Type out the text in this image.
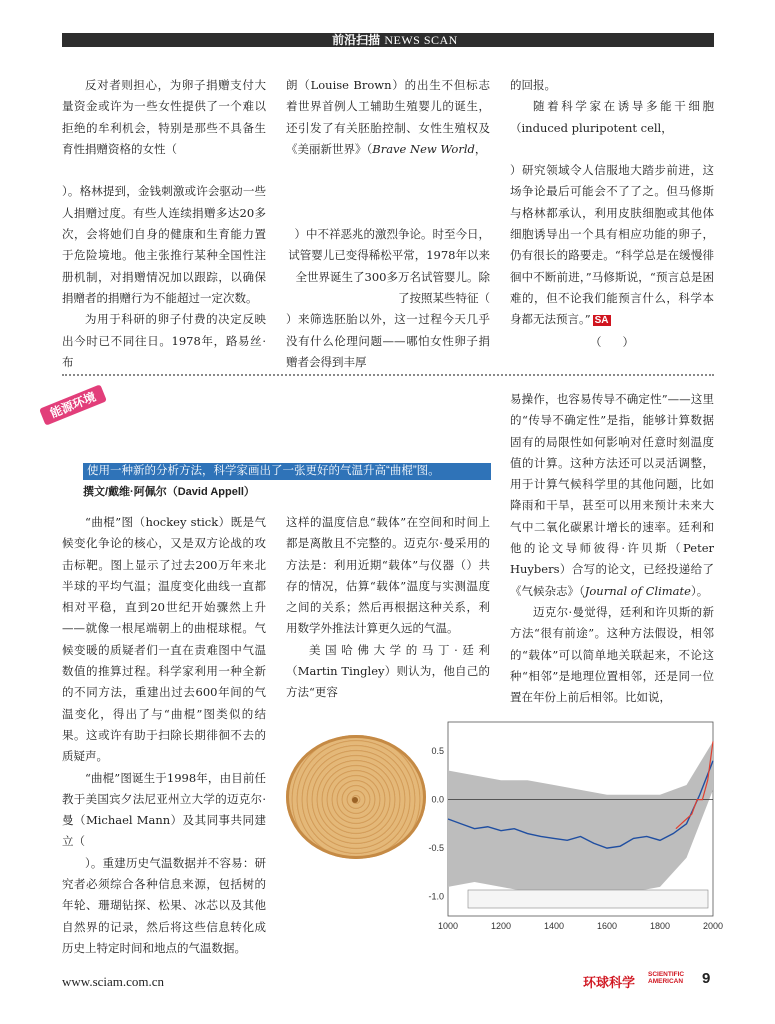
前沿扫描 NEWS SCAN

反对者则担心，为卵子捐赠支付大量资金或许为一些女性提供了一个难以拒绝的牟利机会，特别是那些不具备生育性捐赠资格的女性（

）。格林提到，金钱刺激或许会驱动一些人捐赠过度。有些人连续捐赠多达20多次，会将她们自身的健康和生育能力置于危险境地。他主张推行某种全国性注册机制，对捐赠情况加以跟踪，以确保捐赠者的捐赠行为不能超过一定次数。

为用于科研的卵子付费的决定反映出今时已不同往日。1978年，路易丝·布

朗（Louise Brown）的出生不但标志着世界首例人工辅助生殖婴儿的诞生，还引发了有关胚胎控制、女性生殖权及《美丽新世界》（Brave New World，

）中不祥恶兆的激烈争论。时至今日，试管婴儿已变得稀松平常，1978年以来全世界诞生了300多万名试管婴儿。除了按照某些特征（

）来筛选胚胎以外，这一过程今天几乎没有什么伦理问题——哪怕女性卵子捐赠者会得到丰厚

的回报。

随着科学家在诱导多能干细胞（induced pluripotent cell，

）研究领域令人信服地大踏步前进，这场争论最后可能会不了了之。但马修斯与格林都承认，利用皮肤细胞或其他体细胞诱导出一个具有相应功能的卵子，仍有很长的路要走。“科学总是在缓慢徘徊中不断前进，”马修斯说，“预言总是困难的，但不论我们能预言什么，科学本身都无法预言。” SA

（ ）

能源环境
使用一种新的分析方法，科学家画出了一张更好的气温升高“曲棍”图。
撰文/戴维·阿佩尔（David Appell）

“曲棍”图（hockey stick）既是气候变化争论的核心，又是双方论战的攻击标靶。图上显示了过去200万年来北半球的平均气温；温度变化曲线一直都相对平稳，直到20世纪开始骤然上升——就像一根尾端朝上的曲棍球棍。气候变暖的质疑者们一直在责难图中气温数值的推算过程。科学家利用一种全新的不同方法，重建出过去600年间的气温变化，得出了与“曲棍”图类似的结果。这或许有助于扫除长期徘徊不去的质疑声。

“曲棍”图诞生于1998年，由目前任教于美国宾夕法尼亚州立大学的迈克尔·曼（Michael Mann）及其同事共同建立（

）。重建历史气温数据并不容易：研究者必须综合各种信息来源，包括树的年轮、珊瑚钻探、松果、冰芯以及其他自然界的记录，然后将这些信息转化成历史上特定时间和地点的气温数据。

这样的温度信息“载体”在空间和时间上都是离散且不完整的。迈克尔·曼采用的方法是：利用近期“载体”与仪器（）共存的情况，估算“载体”温度与实测温度之间的关系；然后再根据这种关系，利用数学外推法计算更久远的气温。

美国哈佛大学的马丁·廷利（Martin Tingley）则认为，他自己的方法“更容

易操作，也容易传导不确定性”——这里的“传导不确定性”是指，能够计算数据固有的局限性如何影响对任意时刻温度值的计算。这种方法还可以灵活调整，用于计算气候科学里的其他问题，比如降雨和干旱，甚至可以用来预计未来大气中二氧化碳累计增长的速率。廷利和他的论文导师彼得·许贝斯（Peter Huybers）合写的论文，已经投递给了《气候杂志》（Journal of Climate）。

迈克尔·曼觉得，廷利和许贝斯的新方法“很有前途”。这种方法假设，相邻的“载体”可以简单地关联起来，不论这种“相邻”是地理位置相邻，还是同一位置在年份上前后相邻。比如说，

1000	1200	1400	1600	1800	2000
0.5
0.0
-0.5
-1.0
www.sciam.com.cn	环球科学
SCIENTIFIC
AMERICAN 9
